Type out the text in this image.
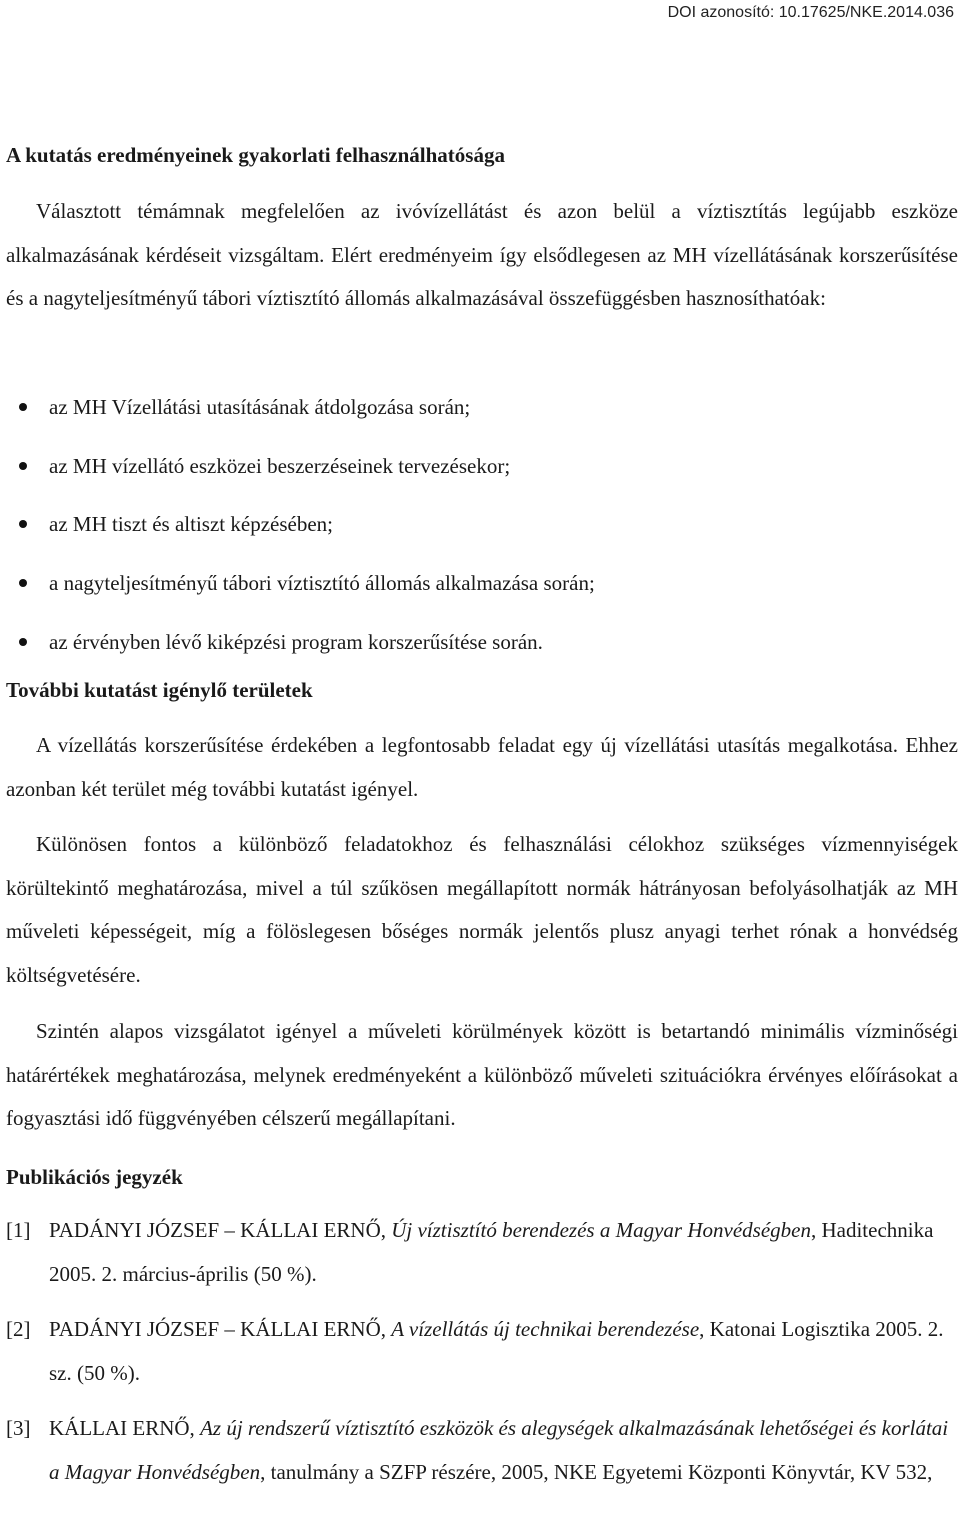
DOI azonosító: 10.17625/NKE.2014.036
A kutatás eredményeinek gyakorlati felhasználhatósága

Választott témámnak megfelelően az ivóvízellátást és azon belül a víztisztítás legújabb eszköze alkalmazásának kérdéseit vizsgáltam. Elért eredményeim így elsődlegesen az MH vízellátásának korszerűsítése és a nagyteljesítményű tábori víztisztító állomás alkalmazásával összefüggésben hasznosíthatóak:

az MH Vízellátási utasításának átdolgozása során;
az MH vízellátó eszközei beszerzéseinek tervezésekor;
az MH tiszt és altiszt képzésében;
a nagyteljesítményű tábori víztisztító állomás alkalmazása során;
az érvényben lévő kiképzési program korszerűsítése során.
További kutatást igénylő területek

A vízellátás korszerűsítése érdekében a legfontosabb feladat egy új vízellátási utasítás megalkotása. Ehhez azonban két terület még további kutatást igényel.

Különösen fontos a különböző feladatokhoz és felhasználási célokhoz szükséges vízmennyiségek körültekintő meghatározása, mivel a túl szűkösen megállapított normák hátrányosan befolyásolhatják az MH műveleti képességeit, míg a fölöslegesen bőséges normák jelentős plusz anyagi terhet rónak a honvédség költségvetésére.

Szintén alapos vizsgálatot igényel a műveleti körülmények között is betartandó minimális vízminőségi határértékek meghatározása, melynek eredményeként a különböző műveleti szituációkra érvényes előírásokat a fogyasztási idő függvényében célszerű megállapítani.

Publikációs jegyzék
[1] PADÁNYI JÓZSEF – KÁLLAI ERNŐ, Új víztisztító berendezés a Magyar Honvédségben, Haditechnika 2005. 2. március-április (50 %).
[2] PADÁNYI JÓZSEF – KÁLLAI ERNŐ, A vízellátás új technikai berendezése, Katonai Logisztika 2005. 2. sz. (50 %).
[3] KÁLLAI ERNŐ, Az új rendszerű víztisztító eszközök és alegységek alkalmazásának lehetőségei és korlátai a Magyar Honvédségben, tanulmány a SZFP részére, 2005, NKE Egyetemi Központi Könyvtár, KV 532,
